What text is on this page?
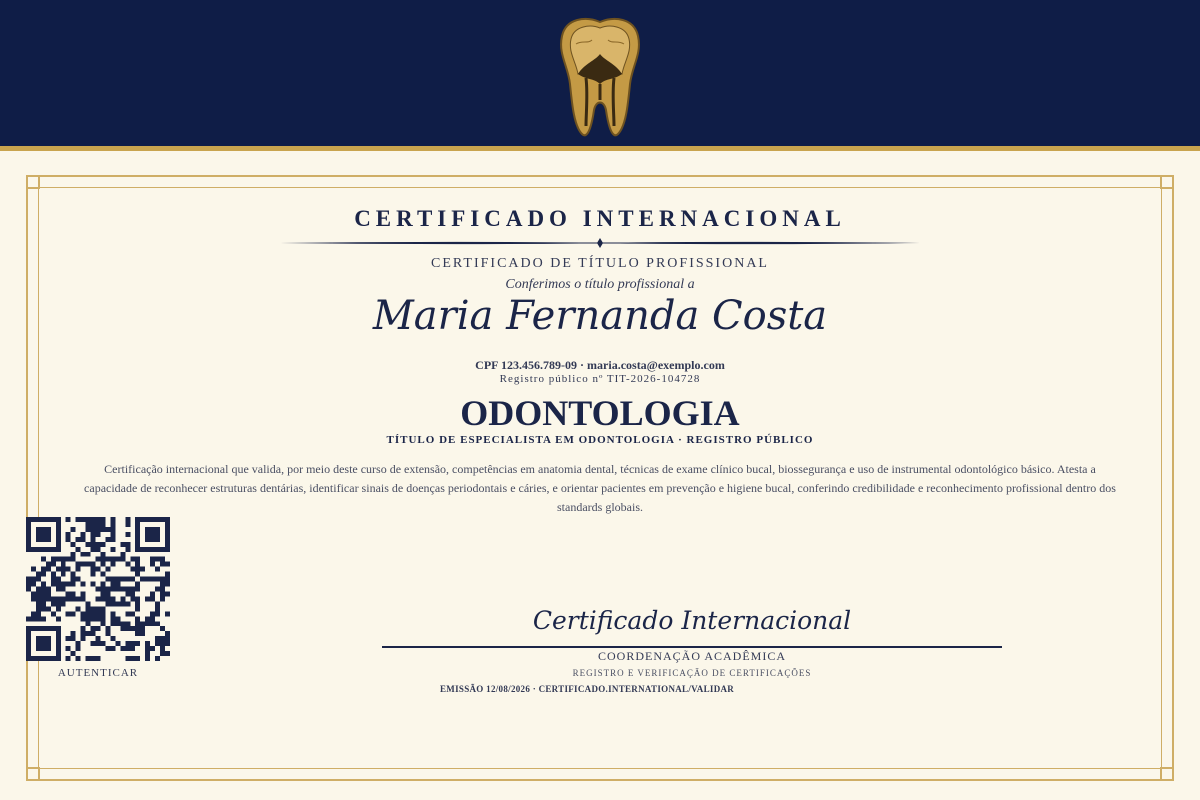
CERTIFICADO INTERNACIONAL
CERTIFICADO DE TÍTULO PROFISSIONAL
Conferimos o título profissional a
Maria Fernanda Costa
CPF 123.456.789-09 · maria.costa@exemplo.com
Registro público nº TIT-2026-104728
ODONTOLOGIA
TÍTULO DE ESPECIALISTA EM ODONTOLOGIA · REGISTRO PÚBLICO
Certificação internacional que valida, por meio deste curso de extensão, competências em anatomia dental, técnicas de exame clínico bucal, biossegurança e uso de instrumental odontológico básico. Atesta a capacidade de reconhecer estruturas dentárias, identificar sinais de doenças periodontais e cáries, e orientar pacientes em prevenção e higiene bucal, conferindo credibilidade e reconhecimento profissional dentro dos standards globais.
AUTENTICAR
Certificado Internacional
COORDENAÇÃO ACADÊMICA
REGISTRO E VERIFICAÇÃO DE CERTIFICAÇÕES
EMISSÃO 12/08/2026 · CERTIFICADO.INTERNATIONAL/VALIDAR
